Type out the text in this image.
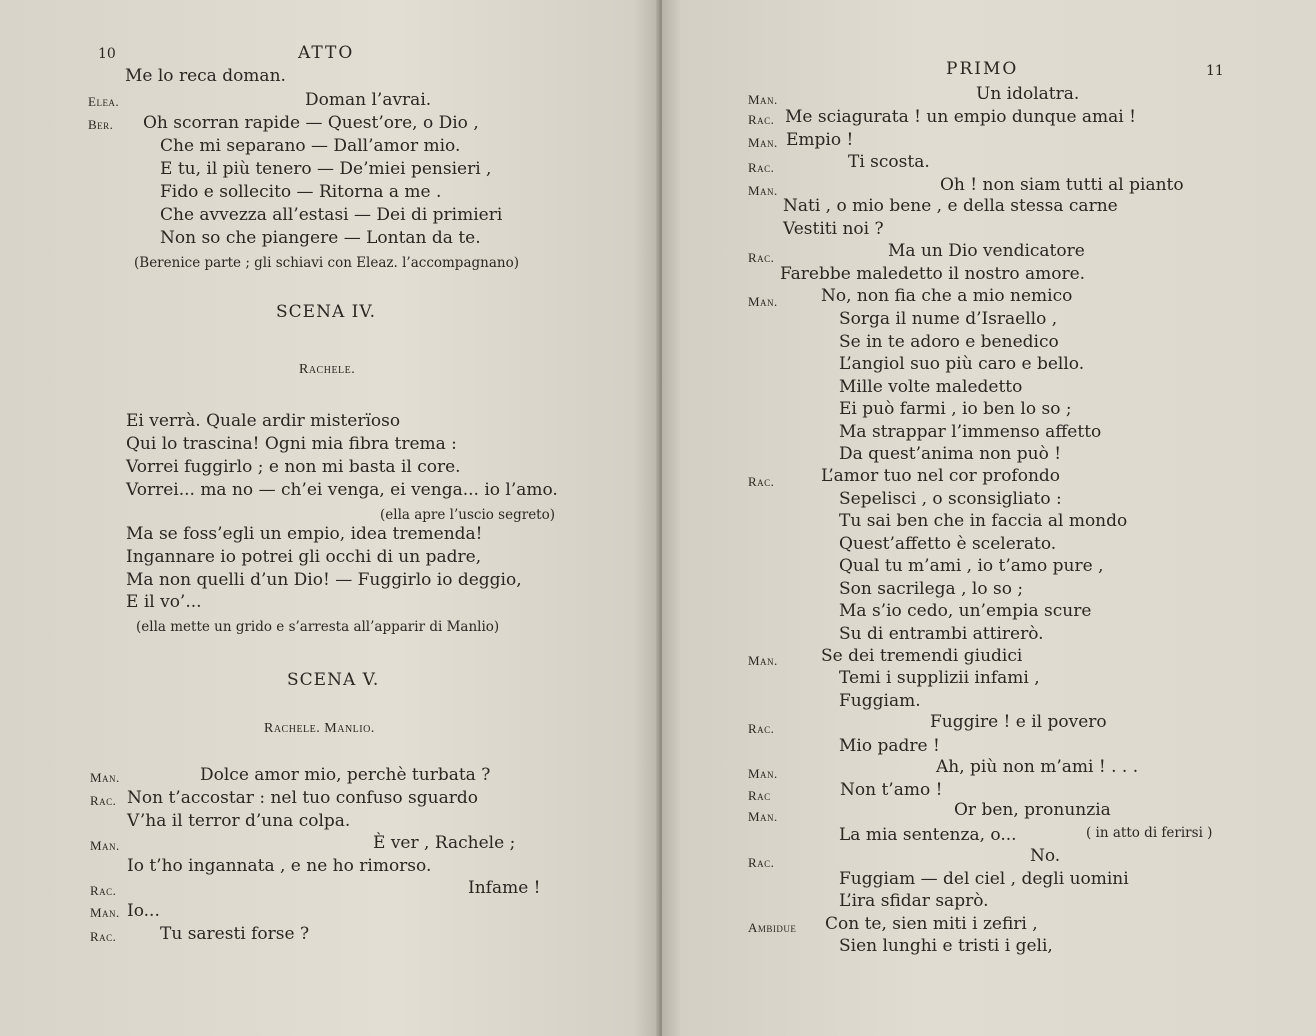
10	ATTO
Me lo reca doman.
Elea.	Doman l’avrai.
Ber. Oh scorran rapide — Quest’ore, o Dio ,
Che mi separano — Dall’amor mio.
E tu, il più tenero — De’miei pensieri ,
Fido e sollecito — Ritorna a me .
Che avvezza all’estasi — Dei di primieri
Non so che piangere — Lontan da te.
(Berenice parte ; gli schiavi con Eleaz. l’accompagnano)
SCENA IV.
Rachele.
Ei verrà. Quale ardir misterïoso
Qui lo trascina! Ogni mia fibra trema :
Vorrei fuggirlo ; e non mi basta il core.
Vorrei... ma no — ch’ei venga, ei venga... io l’amo.
(ella apre l’uscio segreto)
Ma se foss’egli un empio, idea tremenda!
Ingannare io potrei gli occhi di un padre,
Ma non quelli d’un Dio! — Fuggirlo io deggio,
E il vo’...
(ella mette un grido e s’arresta all’apparir di Manlio)
SCENA V.
Rachele. Manlio.
Man.	Dolce amor mio, perchè turbata ?
Rac. Non t’accostar : nel tuo confuso sguardo
V’ha il terror d’una colpa.
Man.	È ver , Rachele ;
Io t’ho ingannata , e ne ho rimorso.
Rac.	Infame !
Man. Io...
Rac.	Tu saresti forse ?
PRIMO	11
Man.	Un idolatra.
Rac. Me sciagurata ! un empio dunque amai !
Man. Empio !
Rac.	Ti scosta.
Man.	Oh ! non siam tutti al pianto
Nati , o mio bene , e della stessa carne
Vestiti noi ?
Rac.	Ma un Dio vendicatore
Farebbe maledetto il nostro amore.
Man.	No, non fia che a mio nemico
Sorga il nume d’Israello ,
Se in te adoro e benedico
L’angiol suo più caro e bello.
Mille volte maledetto
Ei può farmi , io ben lo so ;
Ma strappar l’immenso affetto
Da quest’anima non può !
Rac.	L’amor tuo nel cor profondo
Sepelisci , o sconsigliato :
Tu sai ben che in faccia al mondo
Quest’affetto è scelerato.
Qual tu m’ami , io t’amo pure ,
Son sacrilega , lo so ;
Ma s’io cedo, un’empia scure
Su di entrambi attirerò.
Man.	Se dei tremendi giudici
Temi i supplizii infami ,
Fuggiam.
Rac.	Fuggire ! e il povero
Mio padre !
Man.	Ah, più non m’ami ! . . .
Rac	Non t’amo !
Man.	Or ben, pronunzia
La mia sentenza, o...	( in atto di ferirsi )
Rac.	No.
Fuggiam — del ciel , degli uomini
L’ira sfidar saprò.
Ambidue Con te, sien miti i zefiri ,
Sien lunghi e tristi i geli,
